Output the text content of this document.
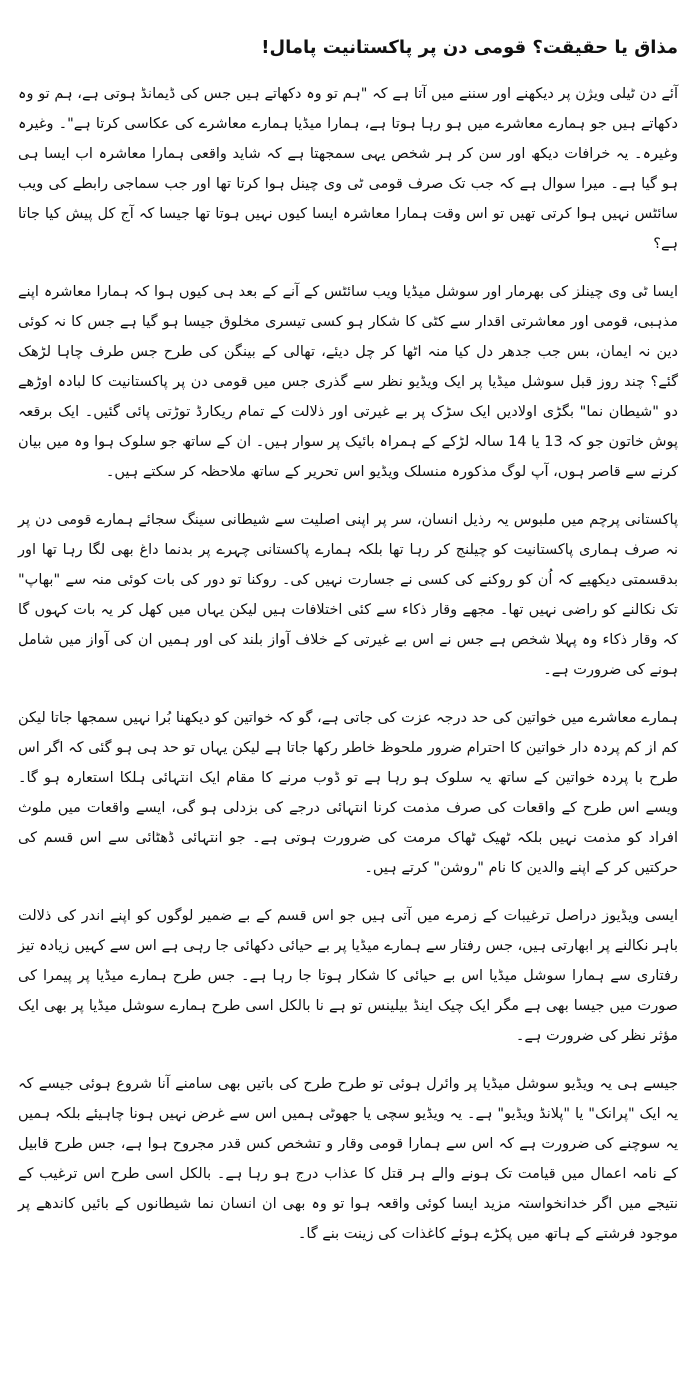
مذاق یا حقیقت؟ قومی دن پر پاکستانیت پامال!

آئے دن ٹیلی ویژن پر دیکھنے اور سننے میں آتا ہے کہ "ہم تو وہ دکھاتے ہیں جس کی ڈیمانڈ ہوتی ہے، ہم تو وہ دکھاتے ہیں جو ہمارے معاشرے میں ہو رہا ہوتا ہے، ہمارا میڈیا ہمارے معاشرے کی عکاسی کرتا ہے"۔ وغیرہ وغیرہ۔ یہ خرافات دیکھ اور سن کر ہر شخص یہی سمجھتا ہے کہ شاید واقعی ہمارا معاشرہ اب ایسا ہی ہو گیا ہے۔ میرا سوال ہے کہ جب تک صرف قومی ٹی وی چینل ہوا کرتا تھا اور جب سماجی رابطے کی ویب سائٹس نہیں ہوا کرتی تھیں تو اس وقت ہمارا معاشرہ ایسا کیوں نہیں ہوتا تھا جیسا کہ آج کل پیش کیا جاتا ہے؟

ایسا ٹی وی چینلز کی بھرمار اور سوشل میڈیا ویب سائٹس کے آنے کے بعد ہی کیوں ہوا کہ ہمارا معاشرہ اپنے مذہبی، قومی اور معاشرتی اقدار سے کٹی کا شکار ہو کسی تیسری مخلوق جیسا ہو گیا ہے جس کا نہ کوئی دین نہ ایمان، بس جب جدھر دل کیا منہ اٹھا کر چل دیئے، تھالی کے بینگن کی طرح جس طرف چاہا لڑھک گئے؟ چند روز قبل سوشل میڈیا پر ایک ویڈیو نظر سے گذری جس میں قومی دن پر پاکستانیت کا لبادہ اوڑھے دو "شیطان نما" بگڑی اولادیں ایک سڑک پر بے غیرتی اور ذلالت کے تمام ریکارڈ توڑتی پائی گئیں۔ ایک برقعہ پوش خاتون جو کہ 13 یا 14 سالہ لڑکے کے ہمراہ بائیک پر سوار ہیں۔ ان کے ساتھ جو سلوک ہوا وہ میں بیان کرنے سے قاصر ہوں، آپ لوگ مذکورہ منسلک ویڈیو اس تحریر کے ساتھ ملاحظہ کر سکتے ہیں۔

پاکستانی پرچم میں ملبوس یہ رذیل انسان، سر پر اپنی اصلیت سے شیطانی سینگ سجائے ہمارے قومی دن پر نہ صرف ہماری پاکستانیت کو چیلنج کر رہا تھا بلکہ ہمارے پاکستانی چہرے پر بدنما داغ بھی لگا رہا تھا اور بدقسمتی دیکھیے کہ اُن کو روکنے کی کسی نے جسارت نہیں کی۔ روکنا تو دور کی بات کوئی منہ سے "بھاپ" تک نکالنے کو راضی نہیں تھا۔ مجھے وقار ذکاء سے کئی اختلافات ہیں لیکن یہاں میں کھل کر یہ بات کہوں گا کہ وقار ذکاء وہ پہلا شخص ہے جس نے اس بے غیرتی کے خلاف آواز بلند کی اور ہمیں ان کی آواز میں شامل ہونے کی ضرورت ہے۔

ہمارے معاشرے میں خواتین کی حد درجہ عزت کی جاتی ہے، گو کہ خواتین کو دیکھنا بُرا نہیں سمجھا جاتا لیکن کم از کم پردہ دار خواتین کا احترام ضرور ملحوظ خاطر رکھا جاتا ہے لیکن یہاں تو حد ہی ہو گئی کہ اگر اس طرح با پردہ خواتین کے ساتھ یہ سلوک ہو رہا ہے تو ڈوب مرنے کا مقام ایک انتہائی ہلکا استعارہ ہو گا۔ ویسے اس طرح کے واقعات کی صرف مذمت کرنا انتہائی درجے کی بزدلی ہو گی، ایسے واقعات میں ملوث افراد کو مذمت نہیں بلکہ ٹھیک ٹھاک مرمت کی ضرورت ہوتی ہے۔ جو انتہائی ڈھٹائی سے اس قسم کی حرکتیں کر کے اپنے والدین کا نام "روشن" کرتے ہیں۔

ایسی ویڈیوز دراصل ترغیبات کے زمرے میں آتی ہیں جو اس قسم کے بے ضمیر لوگوں کو اپنے اندر کی ذلالت باہر نکالنے پر ابھارتی ہیں، جس رفتار سے ہمارے میڈیا پر بے حیائی دکھائی جا رہی ہے اس سے کہیں زیادہ تیز رفتاری سے ہمارا سوشل میڈیا اس بے حیائی کا شکار ہوتا جا رہا ہے۔ جس طرح ہمارے میڈیا پر پیمرا کی صورت میں جیسا بھی ہے مگر ایک چیک اینڈ بیلینس تو ہے نا بالکل اسی طرح ہمارے سوشل میڈیا پر بھی ایک مؤثر نظر کی ضرورت ہے۔

جیسے ہی یہ ویڈیو سوشل میڈیا پر وائرل ہوئی تو طرح طرح کی باتیں بھی سامنے آنا شروع ہوئی جیسے کہ یہ ایک "پرانک" یا "پلانڈ ویڈیو" ہے۔ یہ ویڈیو سچی یا جھوٹی ہمیں اس سے غرض نہیں ہونا چاہیئے بلکہ ہمیں یہ سوچنے کی ضرورت ہے کہ اس سے ہمارا قومی وقار و تشخص کس قدر مجروح ہوا ہے، جس طرح قابیل کے نامہ اعمال میں قیامت تک ہونے والے ہر قتل کا عذاب درج ہو رہا ہے۔ بالکل اسی طرح اس ترغیب کے نتیجے میں اگر خدانخواستہ مزید ایسا کوئی واقعہ ہوا تو وہ بھی ان انسان نما شیطانوں کے بائیں کاندھے پر موجود فرشتے کے ہاتھ میں پکڑے ہوئے کاغذات کی زینت بنے گا۔
